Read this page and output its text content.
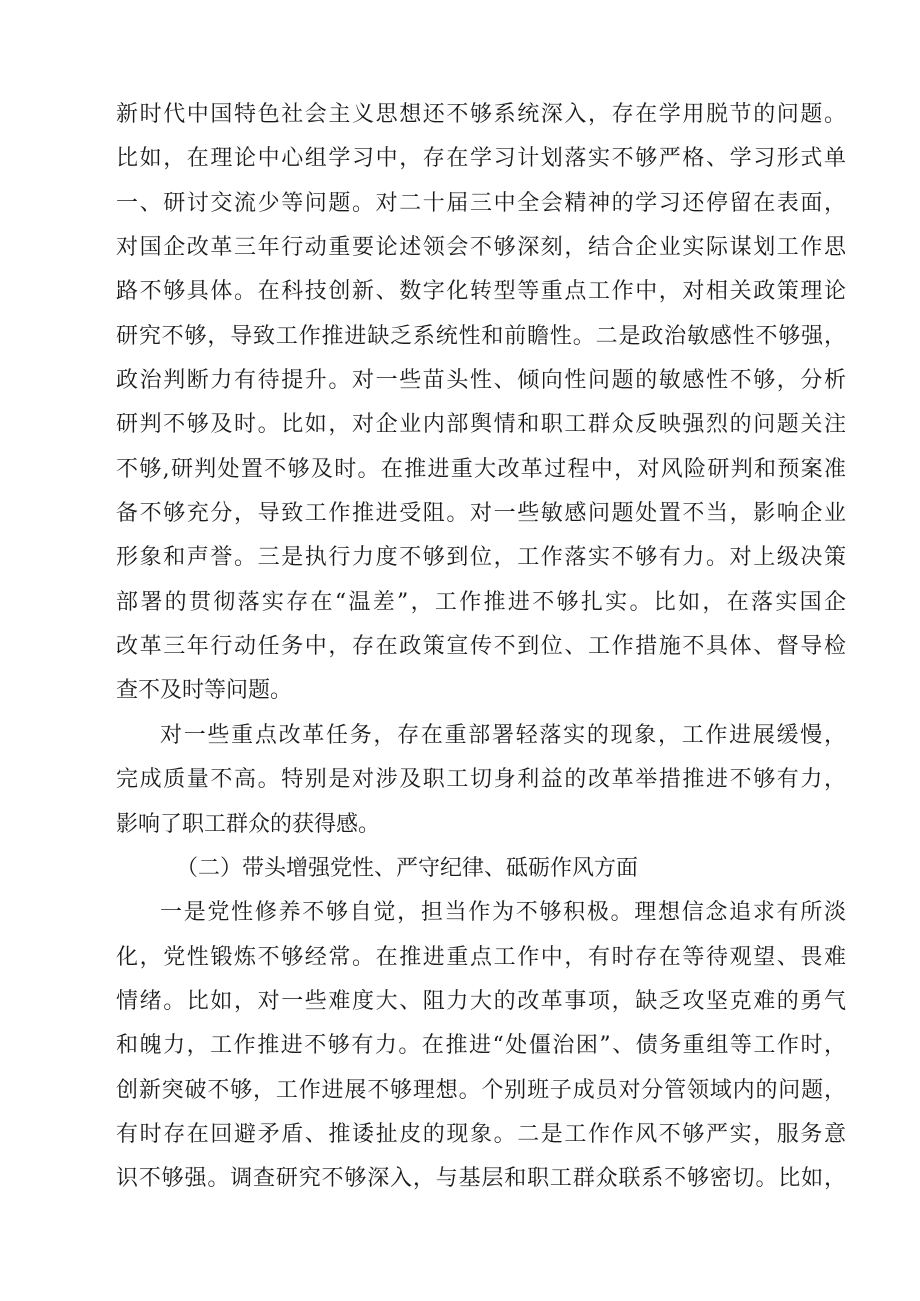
新时代中国特色社会主义思想还不够系统深入，存在学用脱节的问题。
比如，在理论中心组学习中，存在学习计划落实不够严格、学习形式单
一、研讨交流少等问题。对二十届三中全会精神的学习还停留在表面，
对国企改革三年行动重要论述领会不够深刻，结合企业实际谋划工作思
路不够具体。在科技创新、数字化转型等重点工作中，对相关政策理论
研究不够，导致工作推进缺乏系统性和前瞻性。二是政治敏感性不够强，
政治判断力有待提升。对一些苗头性、倾向性问题的敏感性不够，分析
研判不够及时。比如，对企业内部舆情和职工群众反映强烈的问题关注
不够,研判处置不够及时。在推进重大改革过程中，对风险研判和预案准
备不够充分，导致工作推进受阻。对一些敏感问题处置不当，影响企业
形象和声誉。三是执行力度不够到位，工作落实不够有力。对上级决策
部署的贯彻落实存在“温差”，工作推进不够扎实。比如，在落实国企
改革三年行动任务中，存在政策宣传不到位、工作措施不具体、督导检
查不及时等问题。
对一些重点改革任务，存在重部署轻落实的现象，工作进展缓慢，
完成质量不高。特别是对涉及职工切身利益的改革举措推进不够有力，
影响了职工群众的获得感。
（二）带头增强党性、严守纪律、砥砺作风方面
一是党性修养不够自觉，担当作为不够积极。理想信念追求有所淡
化，党性锻炼不够经常。在推进重点工作中，有时存在等待观望、畏难
情绪。比如，对一些难度大、阻力大的改革事项，缺乏攻坚克难的勇气
和魄力，工作推进不够有力。在推进“处僵治困”、债务重组等工作时，
创新突破不够，工作进展不够理想。个别班子成员对分管领域内的问题，
有时存在回避矛盾、推诿扯皮的现象。二是工作作风不够严实，服务意
识不够强。调查研究不够深入，与基层和职工群众联系不够密切。比如，
